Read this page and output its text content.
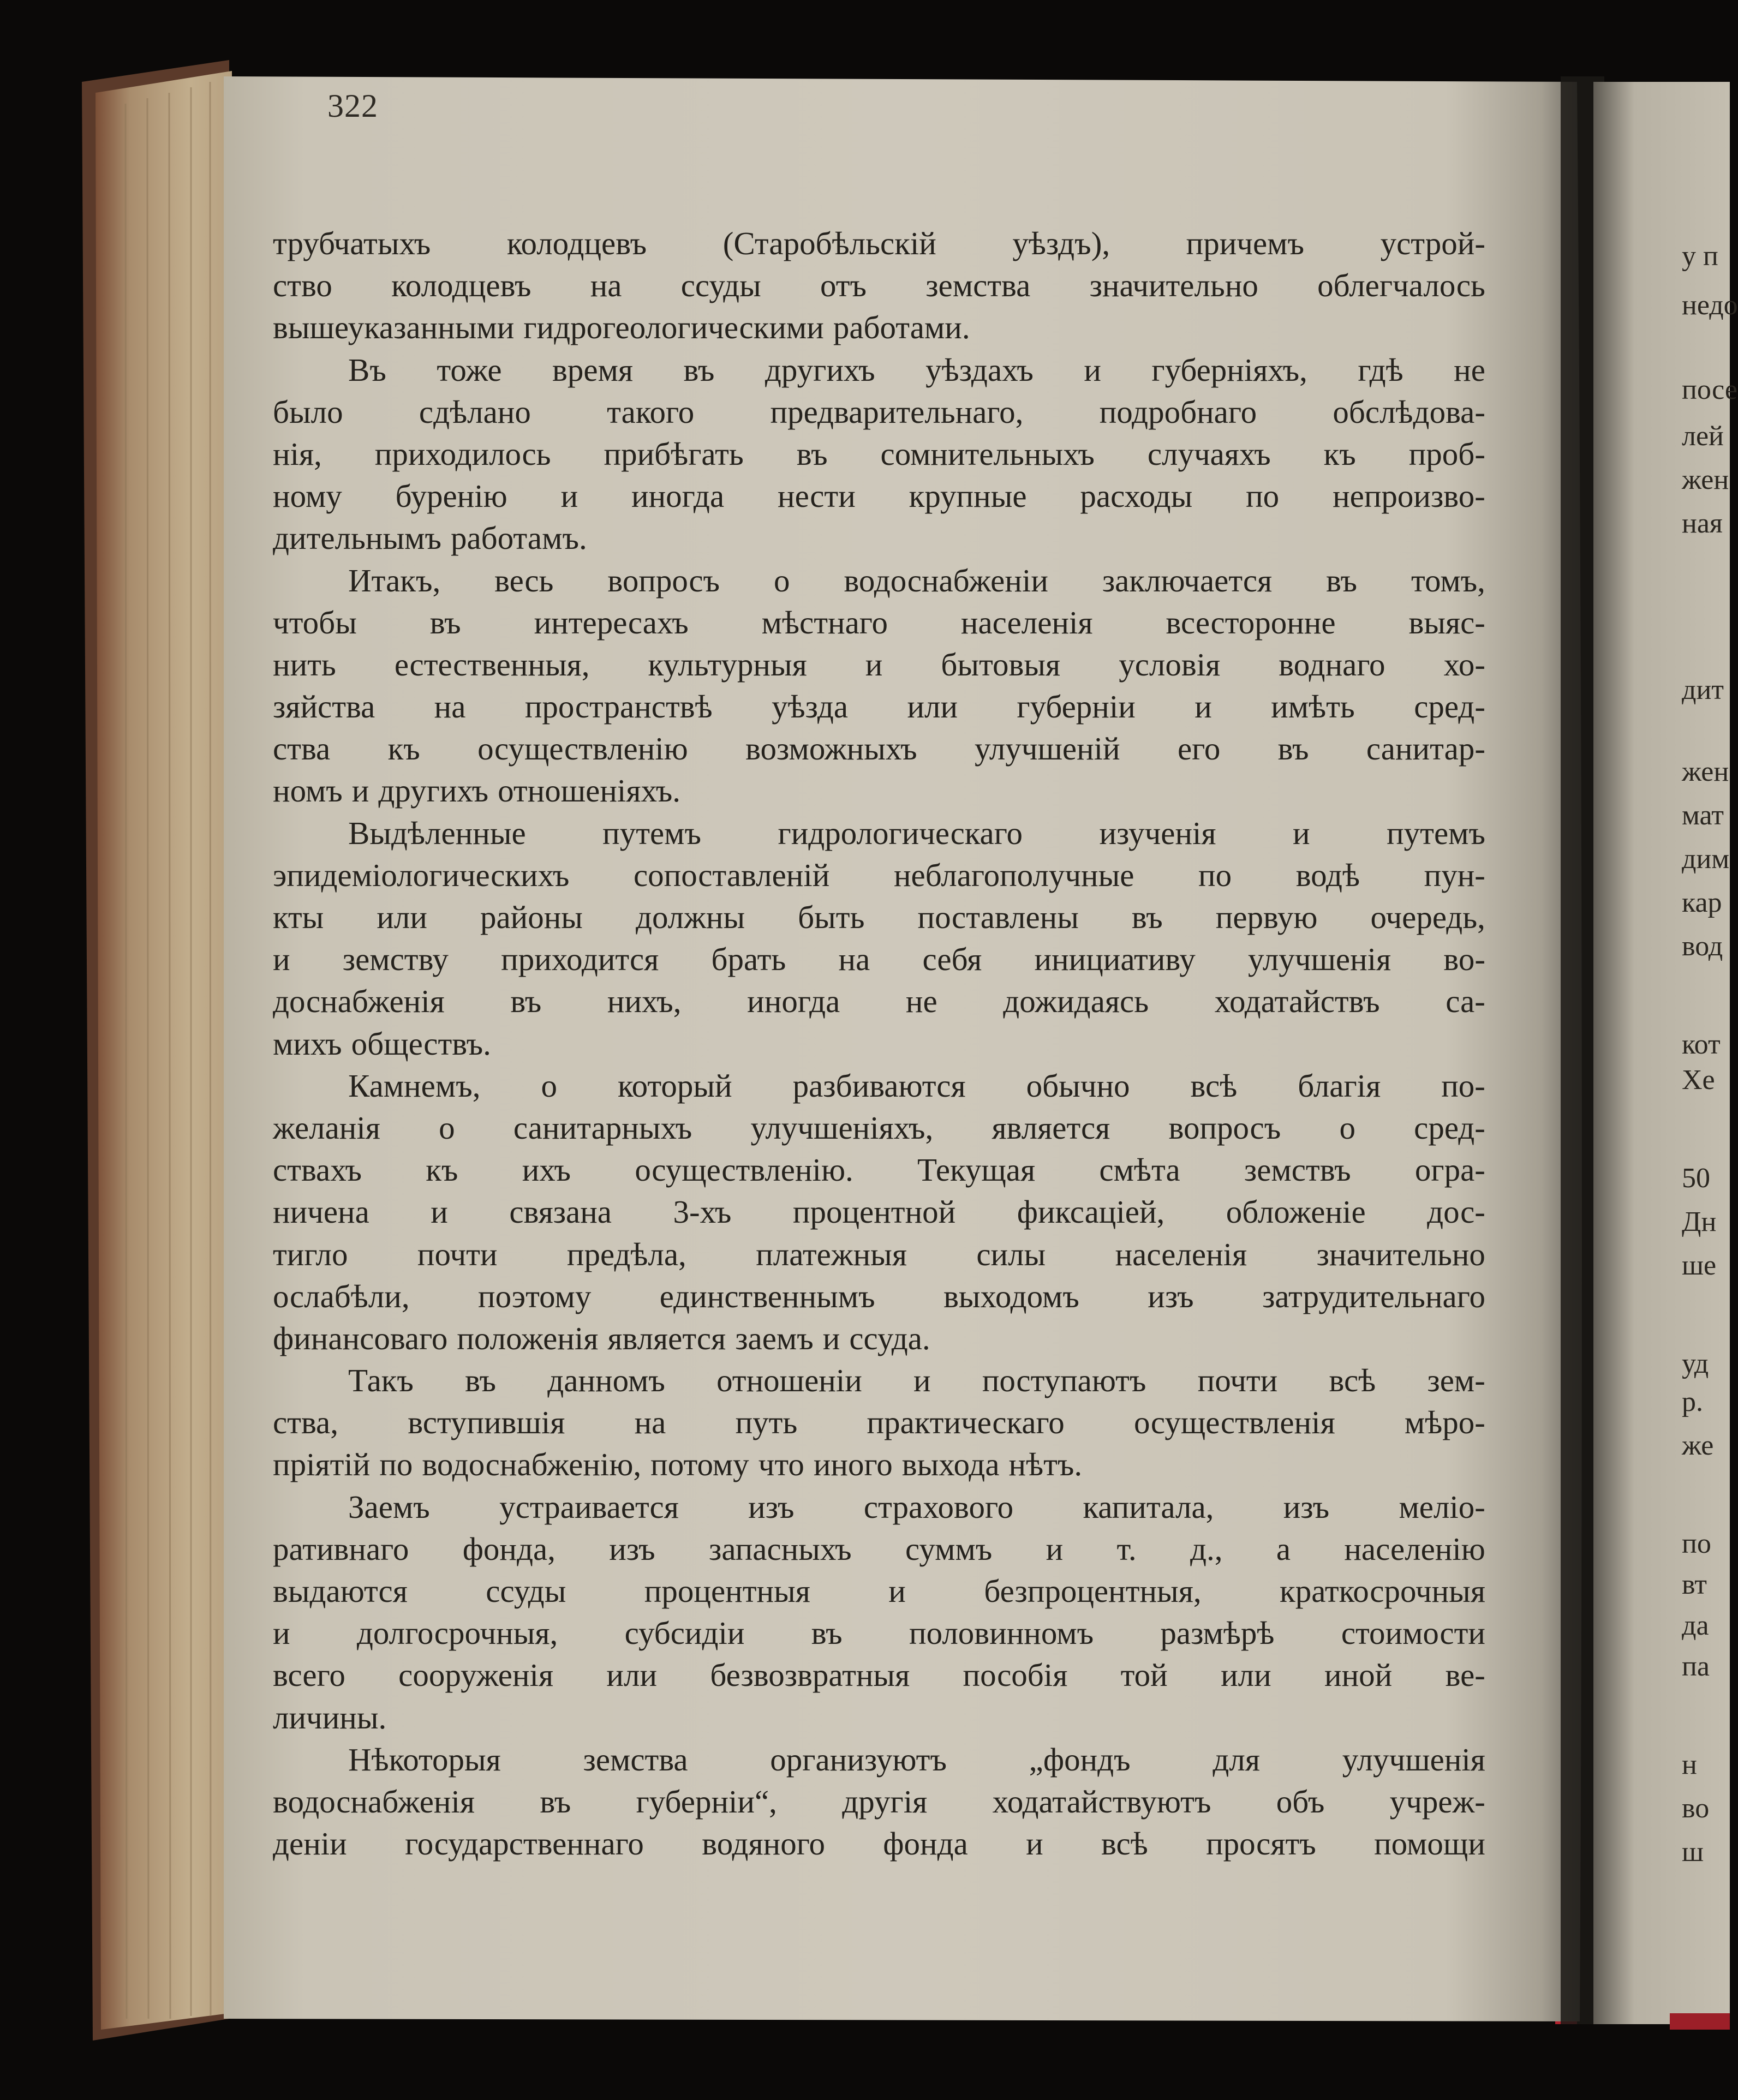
322
трубчатыхъ колодцевъ (Старобѣльскій уѣздъ), причемъ устрой-
ство колодцевъ на ссуды отъ земства значительно облегчалось
вышеуказанными гидрогеологическими работами.
Въ тоже время въ другихъ уѣздахъ и губерніяхъ, гдѣ не
было сдѣлано такого предварительнаго, подробнаго обслѣдова-
нія, приходилось прибѣгать въ сомнительныхъ случаяхъ къ проб-
ному буренію и иногда нести крупные расходы по непроизво-
дительнымъ работамъ.
Итакъ, весь вопросъ о водоснабженіи заключается въ томъ,
чтобы въ интересахъ мѣстнаго населенія всесторонне выяс-
нить естественныя, культурныя и бытовыя условія воднаго хо-
зяйства на пространствѣ уѣзда или губерніи и имѣть сред-
ства къ осуществленію возможныхъ улучшеній его въ санитар-
номъ и другихъ отношеніяхъ.
Выдѣленные путемъ гидрологическаго изученія и путемъ
эпидеміологическихъ сопоставленій неблагополучные по водѣ пун-
кты или районы должны быть поставлены въ первую очередь,
и земству приходится брать на себя инициативу улучшенія во-
доснабженія въ нихъ, иногда не дожидаясь ходатайствъ са-
михъ обществъ.
Камнемъ, о который разбиваются обычно всѣ благія по-
желанія о санитарныхъ улучшеніяхъ, является вопросъ о сред-
ствахъ къ ихъ осуществленію. Текущая смѣта земствъ огра-
ничена и связана 3-хъ процентной фиксаціей, обложеніе дос-
тигло почти предѣла, платежныя силы населенія значительно
ослабѣли, поэтому единственнымъ выходомъ изъ затрудительнаго
финансоваго положенія является заемъ и ссуда.
Такъ въ данномъ отношеніи и поступаютъ почти всѣ зем-
ства, вступившія на путь практическаго осуществленія мѣро-
пріятій по водоснабженію, потому что иного выхода нѣтъ.
Заемъ устраивается изъ страхового капитала, изъ меліо-
ративнаго фонда, изъ запасныхъ суммъ и т. д., а населенію
выдаются ссуды процентныя и безпроцентныя, краткосрочныя
и долгосрочныя, субсидіи въ половинномъ размѣрѣ стоимости
всего сооруженія или безвозвратныя пособія той или иной ве-
личины.
Нѣкоторыя	земства	организуютъ	„фондъ	для	улучшенія
водоснабженія въ губерніи“, другія ходатайствуютъ объ учреж-
деніи государственнаго водяного фонда и всѣ просятъ помощи
у п
недо
посе
лей
жен
ная
дит
жен
мат
дим
кар
вод
кот
Хе
50
Дн
ше
уд
р.
же
по
вт
да
па
н
во
ш
